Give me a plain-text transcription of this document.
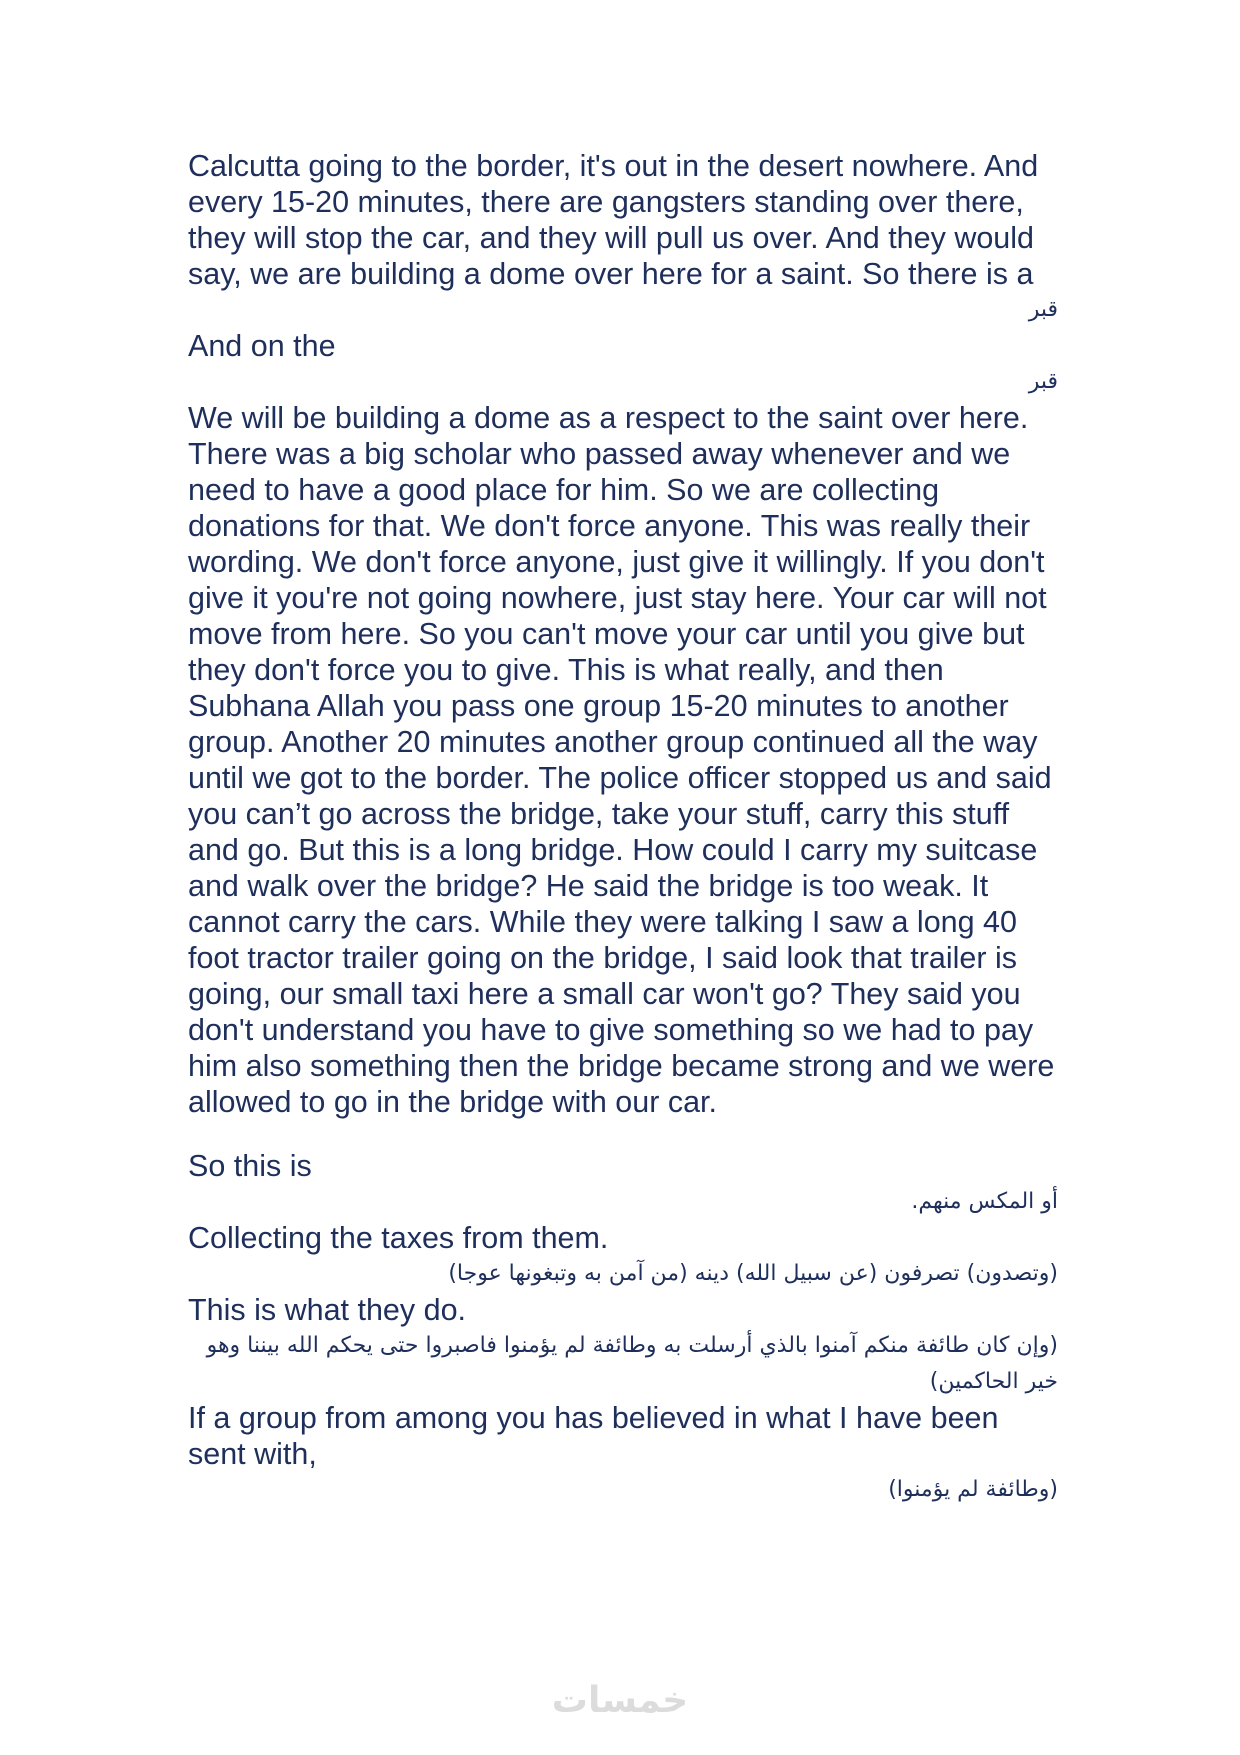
Calcutta going to the border, it's out in the desert nowhere. And every 15-20 minutes, there are gangsters standing over there, they will stop the car, and they will pull us over. And they would say, we are building a dome over here for a saint. So there is a

قبر

And on the

قبر

We will be building a dome as a respect to the saint over here. There was a big scholar who passed away whenever and we need to have a good place for him. So we are collecting donations for that. We don't force anyone. This was really their wording. We don't force anyone, just give it willingly. If you don't give it you're not going nowhere, just stay here. Your car will not move from here. So you can't move your car until you give but they don't force you to give. This is what really, and then Subhana Allah you pass one group 15-20 minutes to another group. Another 20 minutes another group continued all the way until we got to the border. The police officer stopped us and said you can’t go across the bridge, take your stuff, carry this stuff and go. But this is a long bridge. How could I carry my suitcase and walk over the bridge? He said the bridge is too weak. It cannot carry the cars. While they were talking I saw a long 40 foot tractor trailer going on the bridge, I said look that trailer is going, our small taxi here a small car won't go? They said you don't understand you have to give something so we had to pay him also something then the bridge became strong and we were allowed to go in the bridge with our car.

So this is

أو المكس منهم.

Collecting the taxes from them.

(وتصدون) تصرفون (عن سبيل الله) دينه (من آمن به وتبغونها عوجا)

This is what they do.

(وإن كان طائفة منكم آمنوا بالذي أرسلت به وطائفة لم يؤمنوا فاصبروا حتى يحكم الله بيننا وهو خير الحاكمين)

If a group from among you has believed in what I have been sent with,

(وطائفة لم يؤمنوا)

خمسات
